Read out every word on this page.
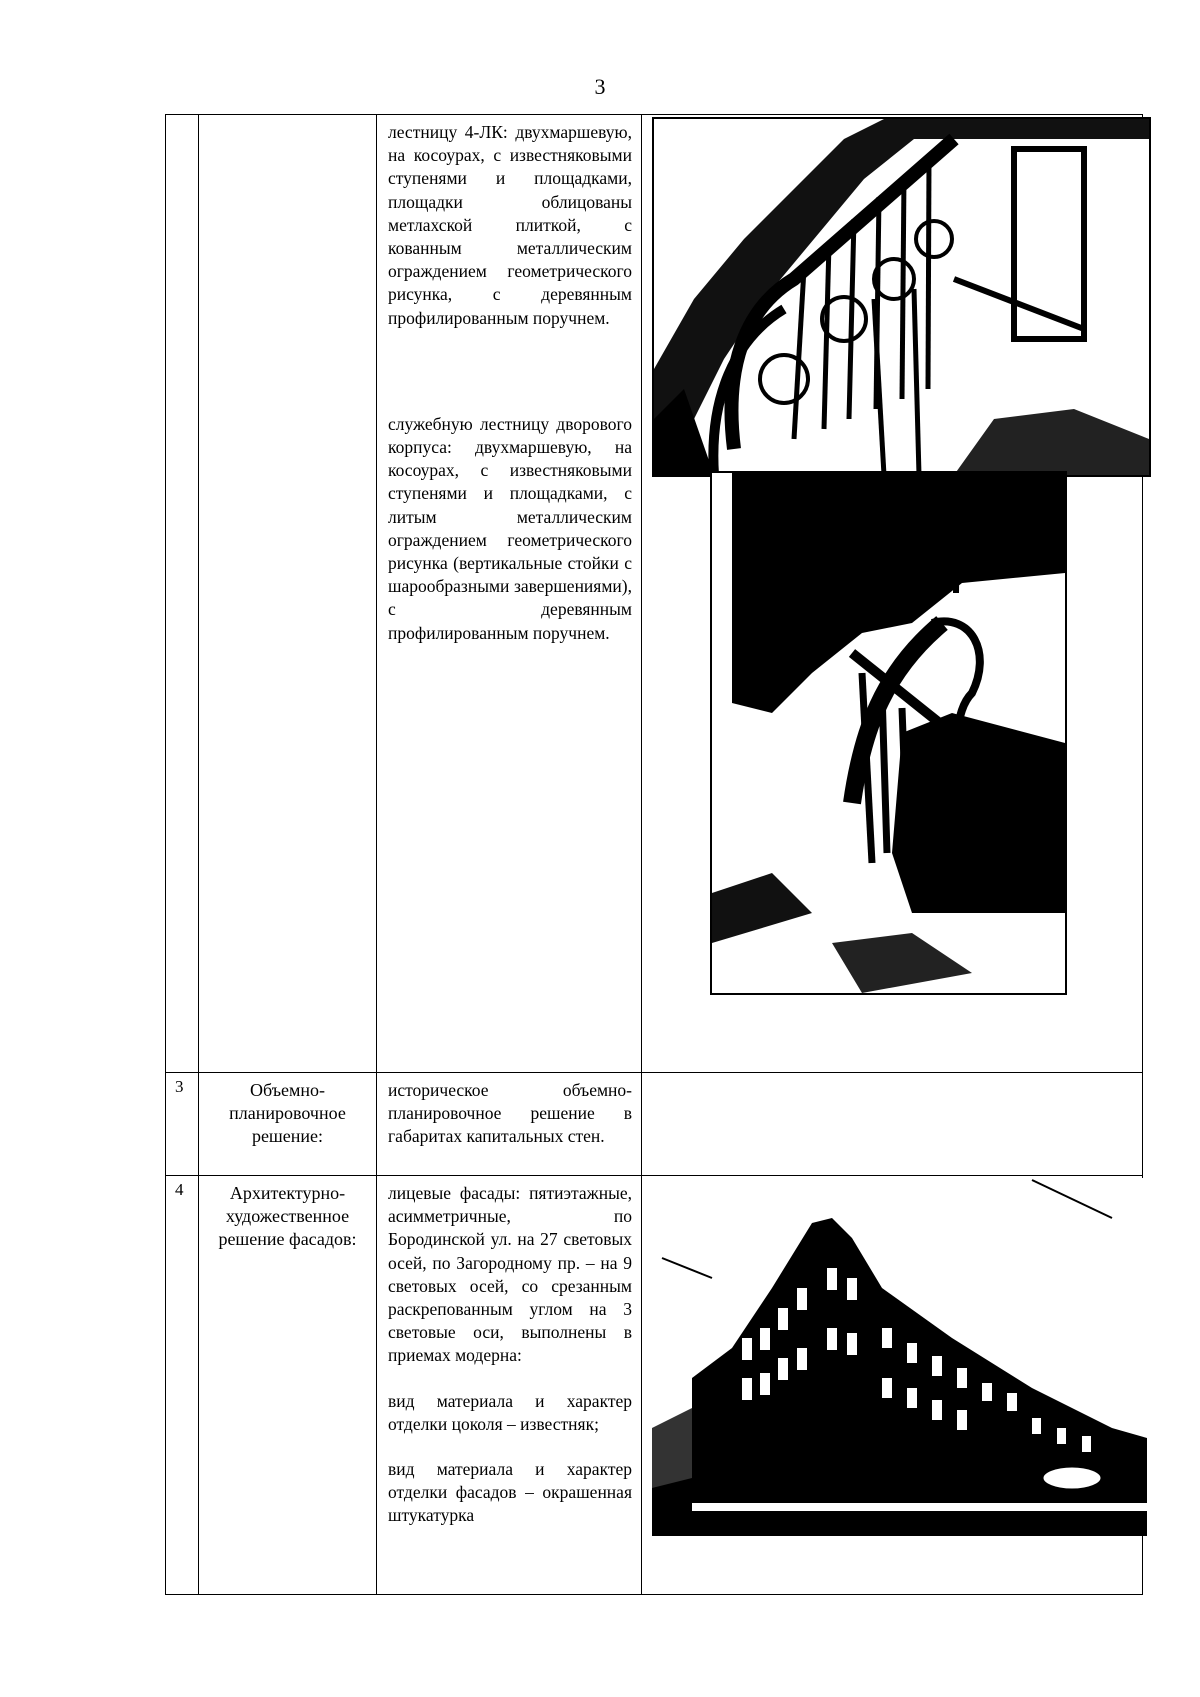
3

		лестницу 4-ЛК: двухмаршевую, на косоурах, с известняковыми ступенями и площадками, площадки облицованы метлахской плиткой, с кованным металлическим ограждением геометрического рисунка, с деревянным профилированным поручнем.

служебную лестницу дворового корпуса: двухмаршевую, на косоурах, с известняковыми ступенями и площадками, с литым металлическим ограждением геометрического рисунка (вертикальные стойки с шарообразными завершениями), с деревянным профилированным поручнем.

3	Объемно-планировочное решение:	историческое объемно-планировочное решение в габаритах капитальных стен.	

4	Архитектурно-художественное решение фасадов:	лицевые фасады: пятиэтажные, асимметричные, по Бородинской ул. на 27 световых осей, по Загородному пр. – на 9 световых осей, со срезанным раскрепованным углом на 3 световые оси, выполнены в приемах модерна:

вид материала и характер отделки цоколя – известняк;

вид материала и характер отделки фасадов – окрашенная штукатурка
